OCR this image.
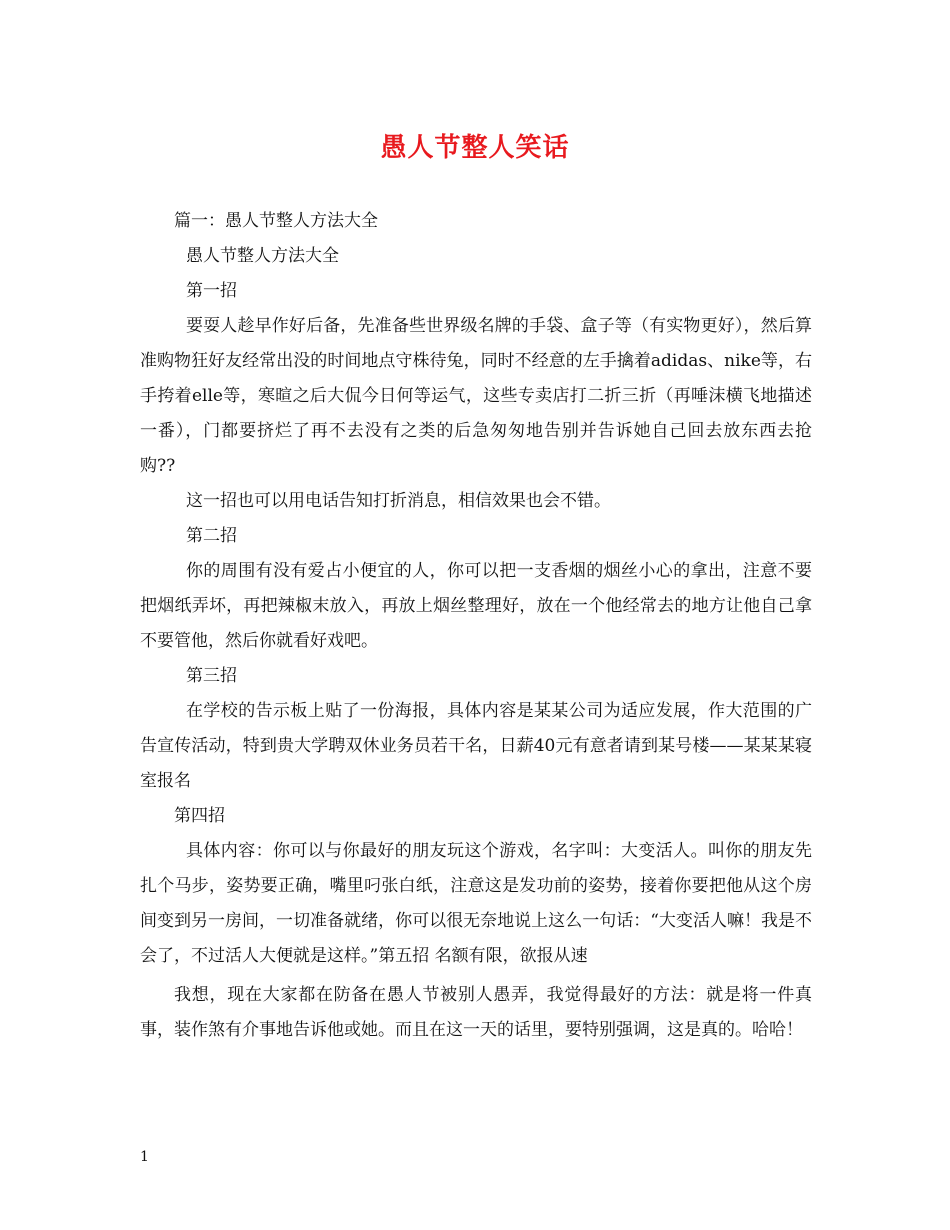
愚人节整人笑话

篇一：愚人节整人方法大全

愚人节整人方法大全

第一招

要耍人趁早作好后备，先准备些世界级名牌的手袋、盒子等（有实物更好），然后算准购物狂好友经常出没的时间地点守株待兔，同时不经意的左手擒着adidas、nike等，右手挎着elle等，寒暄之后大侃今日何等运气，这些专卖店打二折三折（再唾沫横飞地描述一番），门都要挤烂了再不去没有之类的后急匆匆地告别并告诉她自己回去放东西去抢购??

这一招也可以用电话告知打折消息，相信效果也会不错。

第二招

你的周围有没有爱占小便宜的人，你可以把一支香烟的烟丝小心的拿出，注意不要把烟纸弄坏，再把辣椒末放入，再放上烟丝整理好，放在一个他经常去的地方让他自己拿不要管他，然后你就看好戏吧。

第三招

在学校的告示板上贴了一份海报，具体内容是某某公司为适应发展，作大范围的广告宣传活动，特到贵大学聘双休业务员若干名，日薪40元有意者请到某号楼——某某某寝室报名

第四招

具体内容：你可以与你最好的朋友玩这个游戏，名字叫：大变活人。叫你的朋友先扎个马步，姿势要正确，嘴里叼张白纸，注意这是发功前的姿势，接着你要把他从这个房间变到另一房间，一切准备就绪，你可以很无奈地说上这么一句话：“大变活人嘛！我是不会了，不过活人大便就是这样。”第五招 名额有限，欲报从速

我想，现在大家都在防备在愚人节被别人愚弄，我觉得最好的方法：就是将一件真事，装作煞有介事地告诉他或她。而且在这一天的话里，要特别强调，这是真的。哈哈！

1
